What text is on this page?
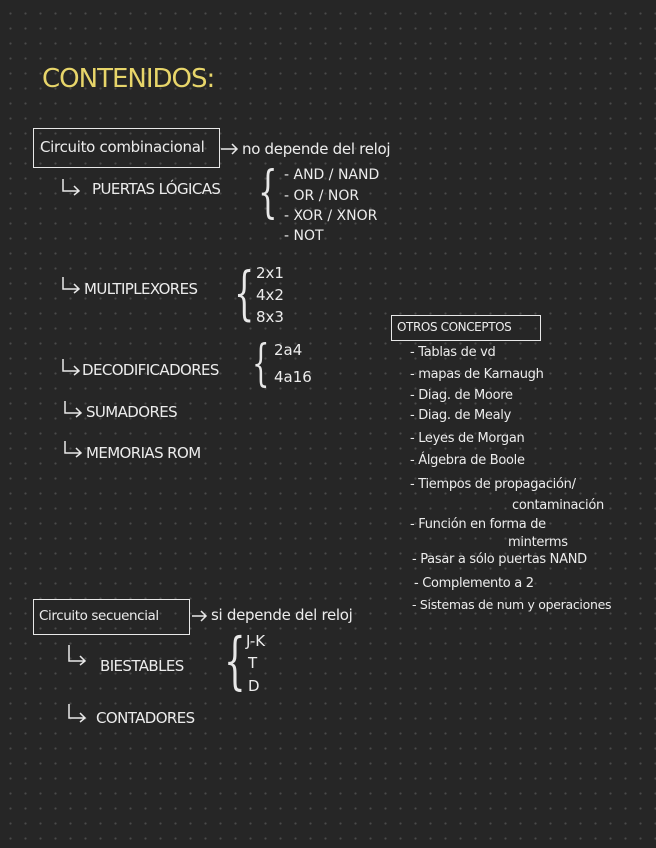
CONTENIDOS:
Circuito combinacional no depende del reloj
PUERTAS LÓGICAS { - AND / NAND
- OR / NOR
- XOR / XNOR
- NOT
MULTIPLEXORES { 2x1
4x2
8x3
DECODIFICADORES { 2a4
4a16
SUMADORES
MEMORIAS ROM
OTROS CONCEPTOS
- Tablas de vd
- mapas de Karnaugh
- Diag. de Moore
- Diag. de Mealy
- Leyes de Morgan
- Álgebra de Boole
- Tiempos de propagación/
contaminación
- Función en forma de
minterms
- Pasar a sólo puertas NAND
- Complemento a 2
- Sistemas de num y operaciones
Circuito secuencial	si depende del reloj
BIESTABLES { J-K
T
D
CONTADORES
